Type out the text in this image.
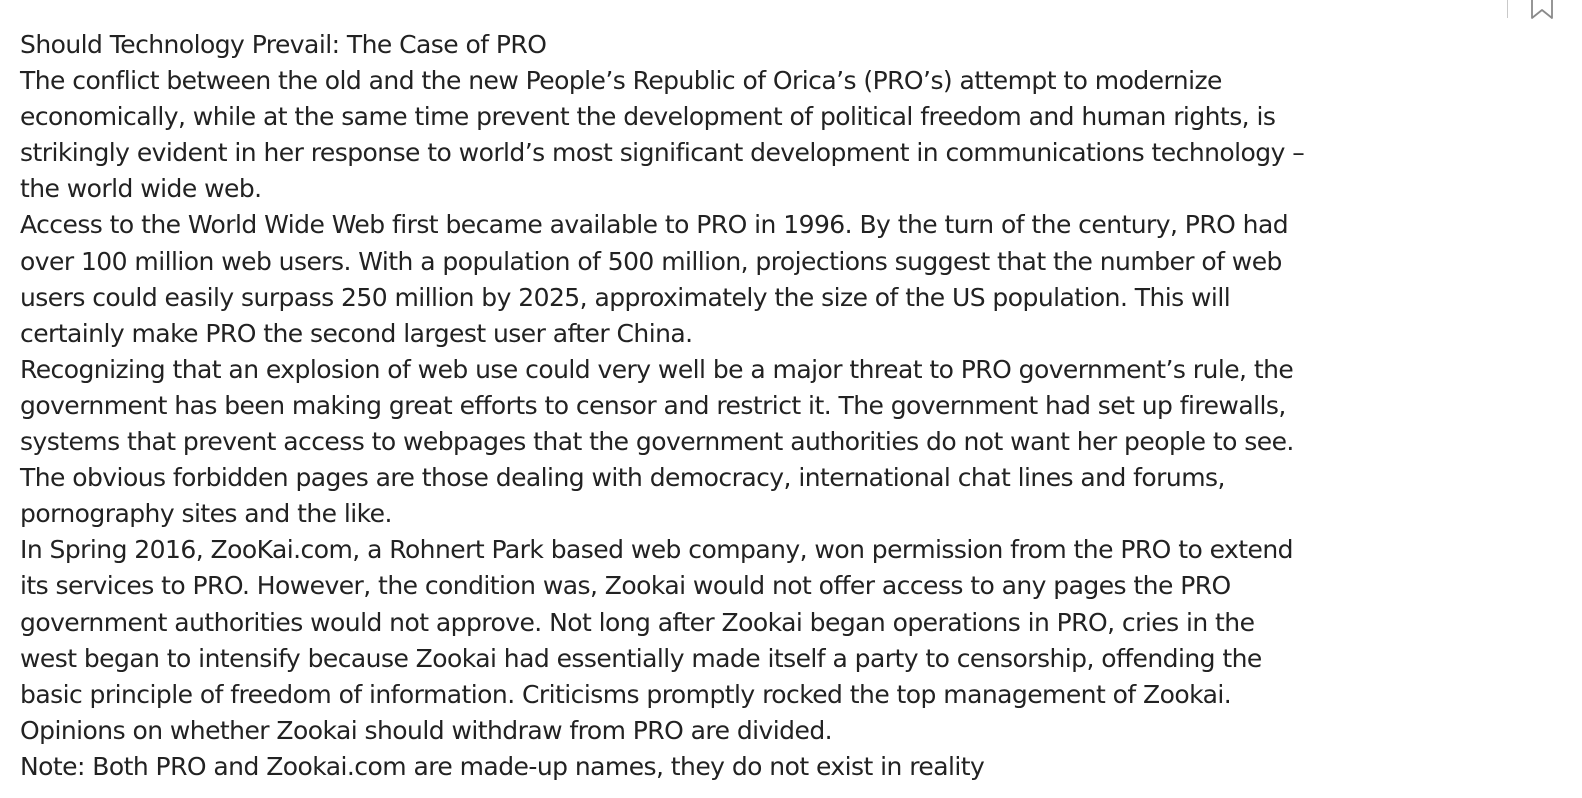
Should Technology Prevail: The Case of PRO

The conflict between the old and the new People’s Republic of Orica’s (PRO’s) attempt to modernize economically, while at the same time prevent the development of political freedom and human rights, is strikingly evident in her response to world’s most significant development in communications technology – the world wide web.

Access to the World Wide Web first became available to PRO in 1996. By the turn of the century, PRO had over 100 million web users. With a population of 500 million, projections suggest that the number of web users could easily surpass 250 million by 2025, approximately the size of the US population. This will certainly make PRO the second largest user after China.

Recognizing that an explosion of web use could very well be a major threat to PRO government’s rule, the government has been making great efforts to censor and restrict it. The government had set up firewalls, systems that prevent access to webpages that the government authorities do not want her people to see. The obvious forbidden pages are those dealing with democracy, international chat lines and forums, pornography sites and the like.

In Spring 2016, ZooKai.com, a Rohnert Park based web company, won permission from the PRO to extend its services to PRO. However, the condition was, Zookai would not offer access to any pages the PRO government authorities would not approve. Not long after Zookai began operations in PRO, cries in the west began to intensify because Zookai had essentially made itself a party to censorship, offending the basic principle of freedom of information. Criticisms promptly rocked the top management of Zookai. Opinions on whether Zookai should withdraw from PRO are divided.

Note: Both PRO and Zookai.com are made-up names, they do not exist in reality
